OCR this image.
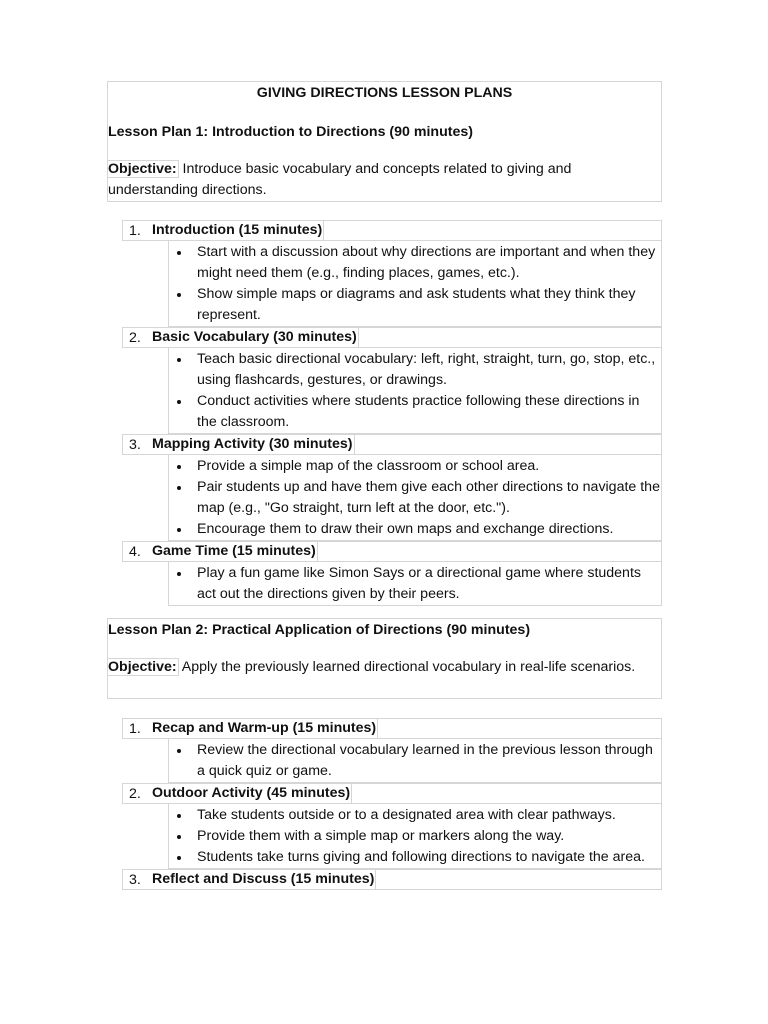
GIVING DIRECTIONS LESSON PLANS
Lesson Plan 1: Introduction to Directions (90 minutes)
Objective: Introduce basic vocabulary and concepts related to giving and understanding directions.
1. Introduction (15 minutes)
Start with a discussion about why directions are important and when they might need them (e.g., finding places, games, etc.).
Show simple maps or diagrams and ask students what they think they represent.
2. Basic Vocabulary (30 minutes)
Teach basic directional vocabulary: left, right, straight, turn, go, stop, etc., using flashcards, gestures, or drawings.
Conduct activities where students practice following these directions in the classroom.
3. Mapping Activity (30 minutes)
Provide a simple map of the classroom or school area.
Pair students up and have them give each other directions to navigate the map (e.g., "Go straight, turn left at the door, etc.").
Encourage them to draw their own maps and exchange directions.
4. Game Time (15 minutes)
Play a fun game like Simon Says or a directional game where students act out the directions given by their peers.
Lesson Plan 2: Practical Application of Directions (90 minutes)
Objective: Apply the previously learned directional vocabulary in real-life scenarios.
1. Recap and Warm-up (15 minutes)
Review the directional vocabulary learned in the previous lesson through a quick quiz or game.
2. Outdoor Activity (45 minutes)
Take students outside or to a designated area with clear pathways.
Provide them with a simple map or markers along the way.
Students take turns giving and following directions to navigate the area.
3. Reflect and Discuss (15 minutes)
